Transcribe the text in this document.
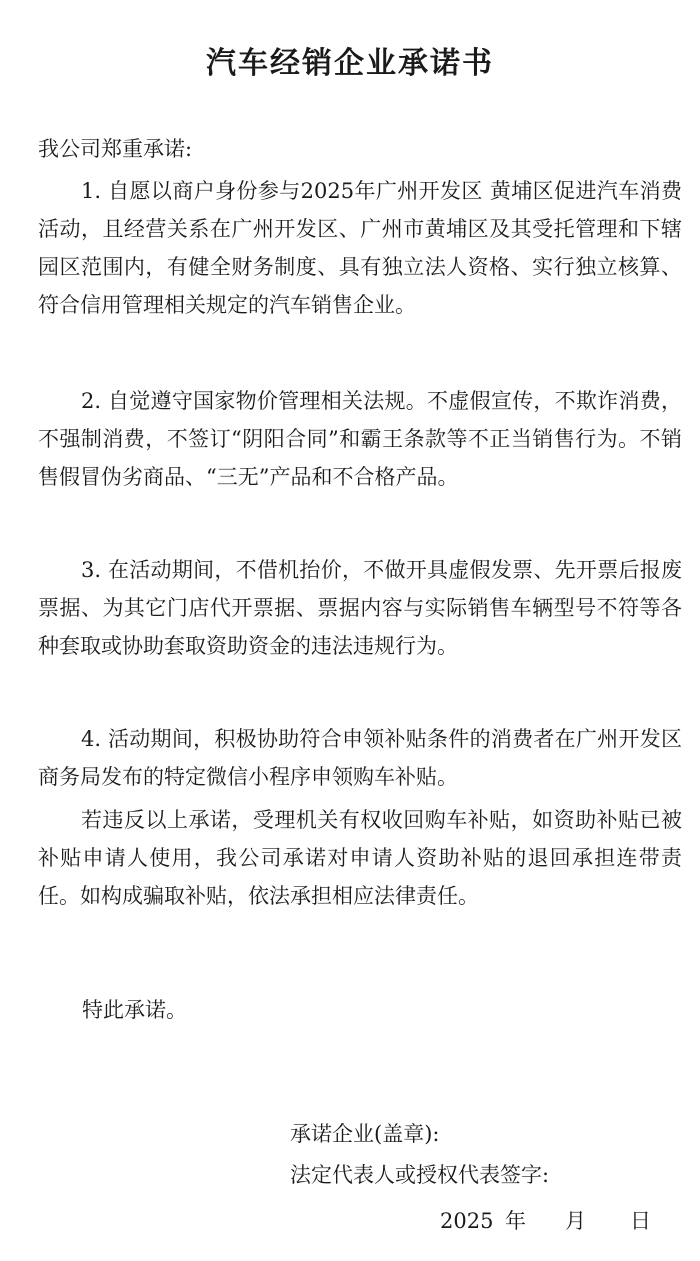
汽车经销企业承诺书
我公司郑重承诺:

1. 自愿以商户身份参与2025年广州开发区 黄埔区促进汽车消费活动，且经营关系在广州开发区、广州市黄埔区及其受托管理和下辖园区范围内，有健全财务制度、具有独立法人资格、实行独立核算、符合信用管理相关规定的汽车销售企业。

2. 自觉遵守国家物价管理相关法规。不虚假宣传，不欺诈消费，不强制消费，不签订“阴阳合同”和霸王条款等不正当销售行为。不销售假冒伪劣商品、“三无”产品和不合格产品。

3. 在活动期间，不借机抬价，不做开具虚假发票、先开票后报废票据、为其它门店代开票据、票据内容与实际销售车辆型号不符等各种套取或协助套取资助资金的违法违规行为。

4. 活动期间，积极协助符合申领补贴条件的消费者在广州开发区商务局发布的特定微信小程序申领购车补贴。

若违反以上承诺，受理机关有权收回购车补贴，如资助补贴已被补贴申请人使用，我公司承诺对申请人资助补贴的退回承担连带责任。如构成骗取补贴，依法承担相应法律责任。

特此承诺。
承诺企业(盖章):
法定代表人或授权代表签字:
2025 年 月 日
